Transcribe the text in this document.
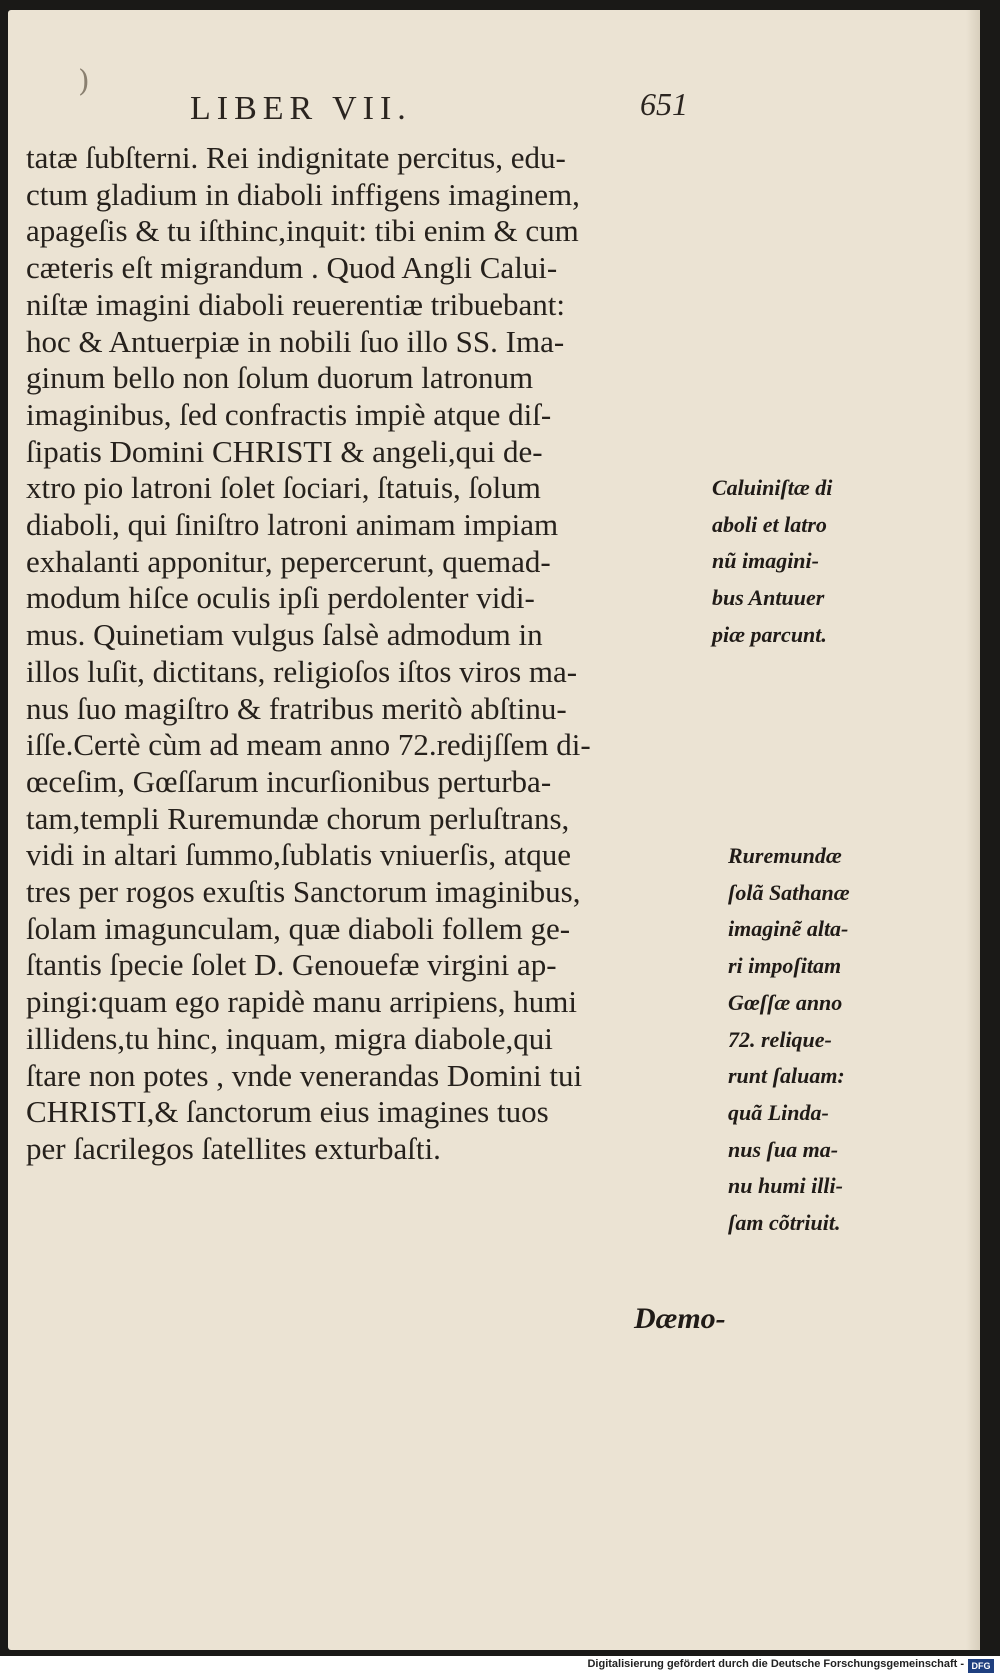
)
LIBER VII.	651
tatæ ſubſterni. Rei indignitate percitus, edu-
ctum gladium in diaboli inffigens imaginem,
apageſis & tu iſthinc,inquit: tibi enim & cum
cæteris eſt migrandum . Quod Angli Calui-
niſtæ imagini diaboli reuerentiæ tribuebant:
hoc & Antuerpiæ in nobili ſuo illo SS. Ima-
ginum bello non ſolum duorum latronum
imaginibus, ſed confractis impiè atque diſ-
ſipatis Domini CHRISTI & angeli,qui de-
xtro pio latroni ſolet ſociari, ſtatuis, ſolum
diaboli, qui ſiniſtro latroni animam impiam
exhalanti apponitur, pepercerunt, quemad-
modum hiſce oculis ipſi perdolenter vidi-
mus. Quinetiam vulgus ſalsè admodum in
illos luſit, dictitans, religioſos iſtos viros ma-
nus ſuo magiſtro & fratribus meritò abſtinu-
iſſe.Certè cùm ad meam anno 72.redijſſem di-
œceſim, Gœſſarum incurſionibus perturba-
tam,templi Ruremundæ chorum perluſtrans,
vidi in altari ſummo,ſublatis vniuerſis, atque
tres per rogos exuſtis Sanctorum imaginibus,
ſolam imagunculam, quæ diaboli follem ge-
ſtantis ſpecie ſolet D. Genouefæ virgini ap-
pingi:quam ego rapidè manu arripiens, humi
illidens,tu hinc, inquam, migra diabole,qui
ſtare non potes , vnde venerandas Domini tui
CHRISTI,& ſanctorum eius imagines tuos
per ſacrilegos ſatellites exturbaſti.
Caluiniſtæ di
aboli et latro
nũ imagini-
bus Antuuer
piæ parcunt.
Ruremundæ
ſolã Sathanæ
imaginẽ alta-
ri impoſitam
Gœſſæ anno
72. relique-
runt ſaluam:
quã Linda-
nus ſua ma-
nu humi illi-
ſam cõtriuit.
Dæmo-
Digitalisierung gefördert durch die Deutsche Forschungsgemeinschaft - DFG
